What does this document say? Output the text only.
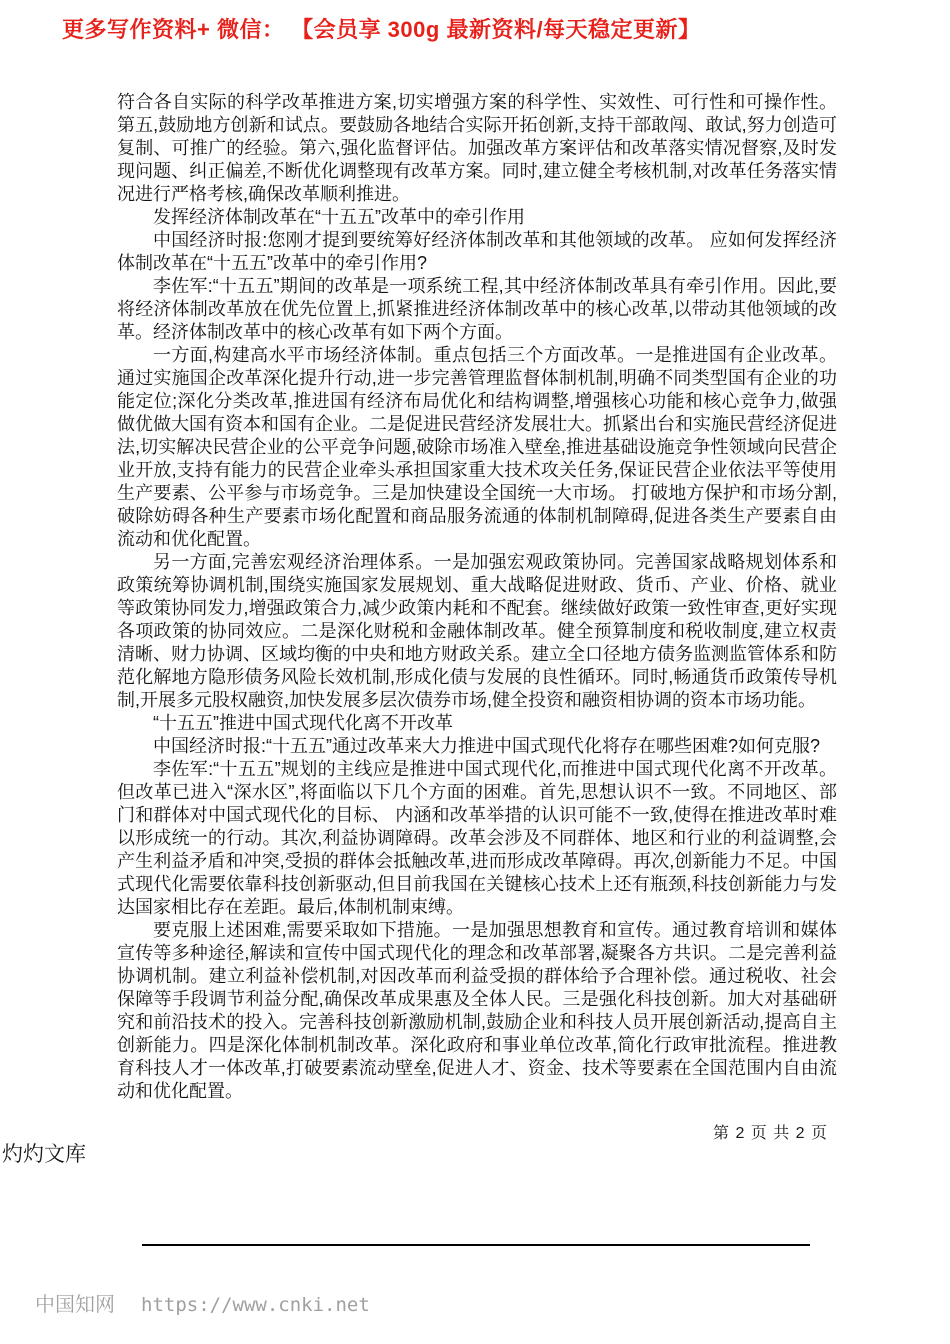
更多写作资料+ 微信： 【会员享 300g 最新资料/每天稳定更新】

符合各自实际的科学改革推进方案,切实增强方案的科学性、实效性、可行性和可操作性。第五,鼓励地方创新和试点。要鼓励各地结合实际开拓创新,支持干部敢闯、敢试,努力创造可复制、可推广的经验。第六,强化监督评估。加强改革方案评估和改革落实情况督察,及时发现问题、纠正偏差,不断优化调整现有改革方案。同时,建立健全考核机制,对改革任务落实情况进行严格考核,确保改革顺利推进。

发挥经济体制改革在“十五五”改革中的牵引作用

中国经济时报:您刚才提到要统筹好经济体制改革和其他领域的改革。 应如何发挥经济体制改革在“十五五”改革中的牵引作用?

李佐军:“十五五”期间的改革是一项系统工程,其中经济体制改革具有牵引作用。因此,要将经济体制改革放在优先位置上,抓紧推进经济体制改革中的核心改革,以带动其他领域的改革。经济体制改革中的核心改革有如下两个方面。

一方面,构建高水平市场经济体制。重点包括三个方面改革。一是推进国有企业改革。通过实施国企改革深化提升行动,进一步完善管理监督体制机制,明确不同类型国有企业的功能定位;深化分类改革,推进国有经济布局优化和结构调整,增强核心功能和核心竞争力,做强做优做大国有资本和国有企业。二是促进民营经济发展壮大。抓紧出台和实施民营经济促进法,切实解决民营企业的公平竞争问题,破除市场准入壁垒,推进基础设施竞争性领域向民营企业开放,支持有能力的民营企业牵头承担国家重大技术攻关任务,保证民营企业依法平等使用生产要素、公平参与市场竞争。三是加快建设全国统一大市场。 打破地方保护和市场分割,破除妨碍各种生产要素市场化配置和商品服务流通的体制机制障碍,促进各类生产要素自由流动和优化配置。

另一方面,完善宏观经济治理体系。一是加强宏观政策协同。完善国家战略规划体系和政策统筹协调机制,围绕实施国家发展规划、重大战略促进财政、货币、产业、价格、就业等政策协同发力,增强政策合力,减少政策内耗和不配套。继续做好政策一致性审查,更好实现各项政策的协同效应。二是深化财税和金融体制改革。健全预算制度和税收制度,建立权责清晰、财力协调、区域均衡的中央和地方财政关系。建立全口径地方债务监测监管体系和防范化解地方隐形债务风险长效机制,形成化债与发展的良性循环。同时,畅通货币政策传导机制,开展多元股权融资,加快发展多层次债券市场,健全投资和融资相协调的资本市场功能。

“十五五”推进中国式现代化离不开改革

中国经济时报:“十五五”通过改革来大力推进中国式现代化将存在哪些困难?如何克服?

李佐军:“十五五”规划的主线应是推进中国式现代化,而推进中国式现代化离不开改革。但改革已进入“深水区”,将面临以下几个方面的困难。首先,思想认识不一致。不同地区、部门和群体对中国式现代化的目标、 内涵和改革举措的认识可能不一致,使得在推进改革时难以形成统一的行动。其次,利益协调障碍。改革会涉及不同群体、地区和行业的利益调整,会产生利益矛盾和冲突,受损的群体会抵触改革,进而形成改革障碍。再次,创新能力不足。中国式现代化需要依靠科技创新驱动,但目前我国在关键核心技术上还有瓶颈,科技创新能力与发达国家相比存在差距。最后,体制机制束缚。

要克服上述困难,需要采取如下措施。一是加强思想教育和宣传。通过教育培训和媒体宣传等多种途径,解读和宣传中国式现代化的理念和改革部署,凝聚各方共识。二是完善利益协调机制。建立利益补偿机制,对因改革而利益受损的群体给予合理补偿。通过税收、社会保障等手段调节利益分配,确保改革成果惠及全体人民。三是强化科技创新。加大对基础研究和前沿技术的投入。完善科技创新激励机制,鼓励企业和科技人员开展创新活动,提高自主创新能力。四是深化体制机制改革。深化政府和事业单位改革,简化行政审批流程。推进教育科技人才一体改革,打破要素流动壁垒,促进人才、资金、技术等要素在全国范围内自由流动和优化配置。

第 2 页 共 2 页
灼灼文库
中国知网 https://www.cnki.net
